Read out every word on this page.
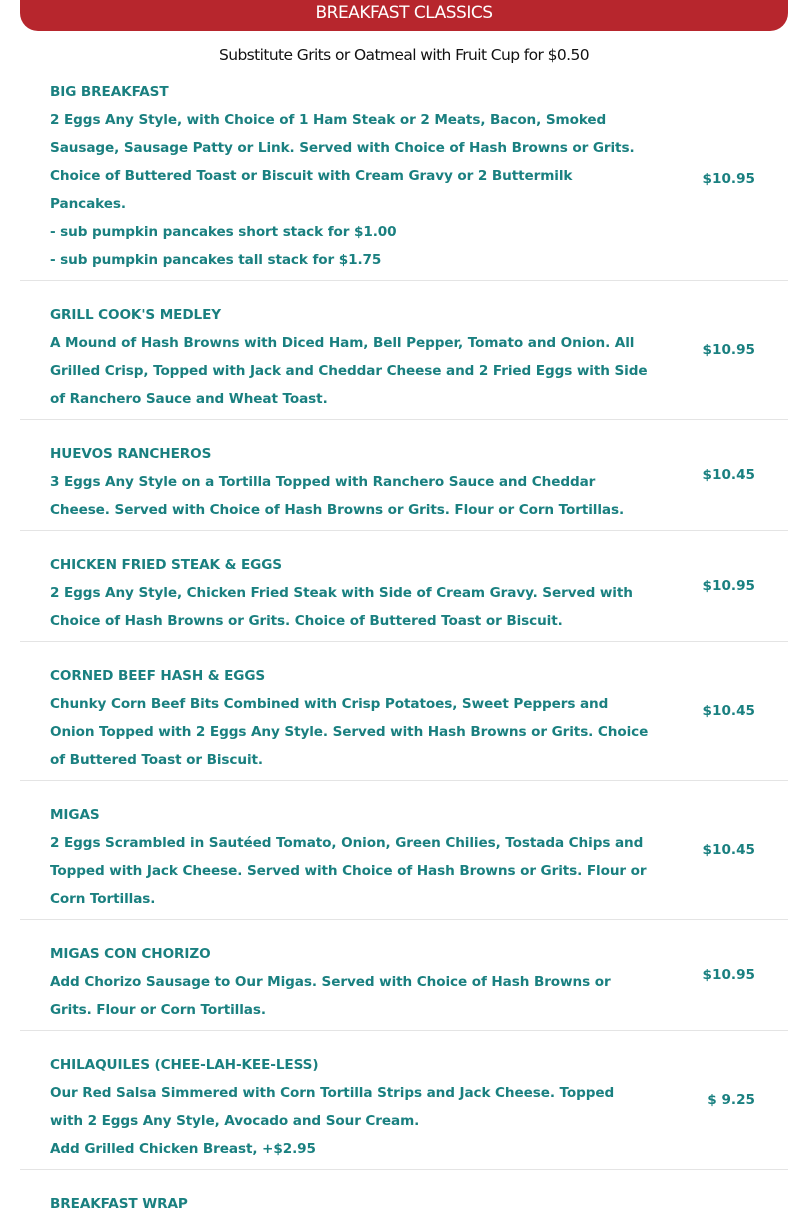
BREAKFAST CLASSICS
Substitute Grits or Oatmeal with Fruit Cup for $0.50
BIG BREAKFAST
2 Eggs Any Style, with Choice of 1 Ham Steak or 2 Meats, Bacon, Smoked Sausage, Sausage Patty or Link. Served with Choice of Hash Browns or Grits. Choice of Buttered Toast or Biscuit with Cream Gravy or 2 Buttermilk Pancakes.
- sub pumpkin pancakes short stack for $1.00
- sub pumpkin pancakes tall stack for $1.75
$10.95
GRILL COOK'S MEDLEY
A Mound of Hash Browns with Diced Ham, Bell Pepper, Tomato and Onion. All Grilled Crisp, Topped with Jack and Cheddar Cheese and 2 Fried Eggs with Side of Ranchero Sauce and Wheat Toast.
$10.95
HUEVOS RANCHEROS
3 Eggs Any Style on a Tortilla Topped with Ranchero Sauce and Cheddar Cheese. Served with Choice of Hash Browns or Grits. Flour or Corn Tortillas.
$10.45
CHICKEN FRIED STEAK & EGGS
2 Eggs Any Style, Chicken Fried Steak with Side of Cream Gravy. Served with Choice of Hash Browns or Grits. Choice of Buttered Toast or Biscuit.
$10.95
CORNED BEEF HASH & EGGS
Chunky Corn Beef Bits Combined with Crisp Potatoes, Sweet Peppers and Onion Topped with 2 Eggs Any Style. Served with Hash Browns or Grits. Choice of Buttered Toast or Biscuit.
$10.45
MIGAS
2 Eggs Scrambled in Sautéed Tomato, Onion, Green Chilies, Tostada Chips and Topped with Jack Cheese. Served with Choice of Hash Browns or Grits. Flour or Corn Tortillas.
$10.45
MIGAS CON CHORIZO
Add Chorizo Sausage to Our Migas. Served with Choice of Hash Browns or Grits. Flour or Corn Tortillas.
$10.95
CHILAQUILES (CHEE-LAH-KEE-LESS)
Our Red Salsa Simmered with Corn Tortilla Strips and Jack Cheese. Topped with 2 Eggs Any Style, Avocado and Sour Cream.
Add Grilled Chicken Breast, +$2.95
$ 9.25
BREAKFAST WRAP
